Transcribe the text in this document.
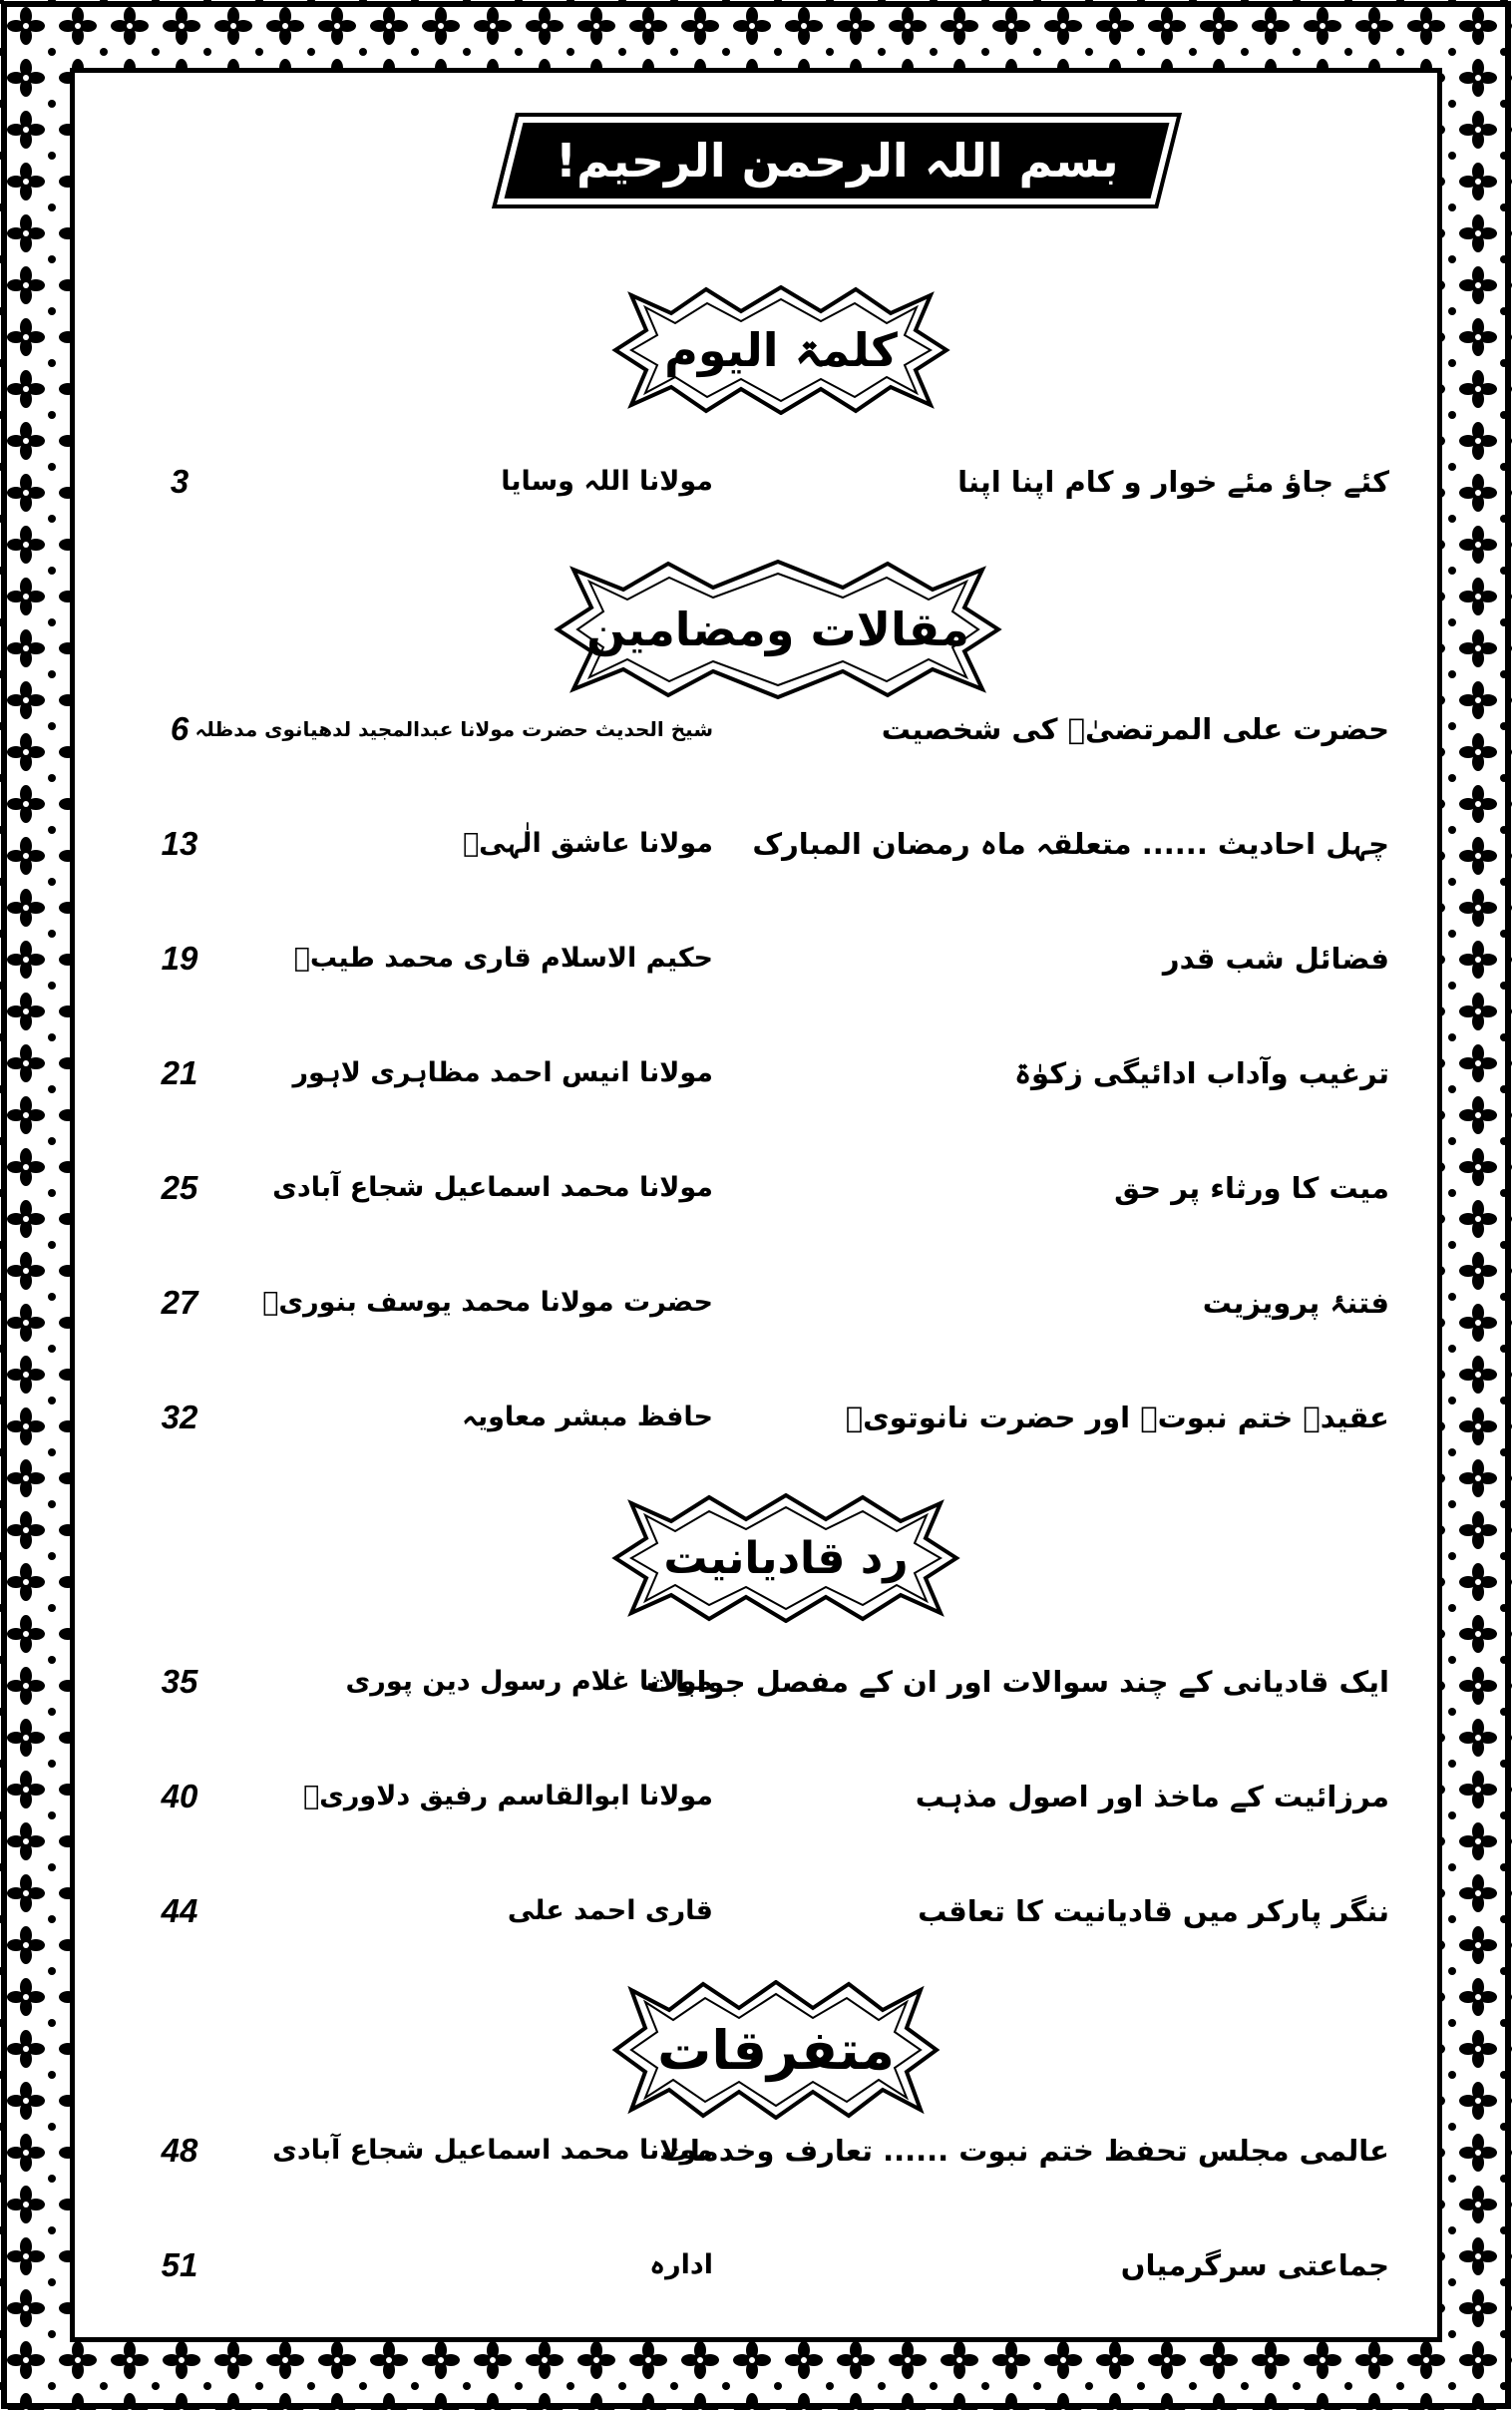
بسم اللہ الرحمن الرحیم!
کلمۃ الیوم
کئے جاؤ مئے خوار و کام اپنا اپنا
مولانا اللہ وسایا
3
مقالات ومضامین
حضرت علی المرتضیٰؓ کی شخصیت
شیخ الحدیث حضرت مولانا عبدالمجید لدھیانوی مدظلہ
6
چہل احادیث ...... متعلقہ ماہ رمضان المبارک
مولانا عاشق الٰہیؒ
13
فضائل شب قدر
حکیم الاسلام قاری محمد طیبؒ
19
ترغیب وآداب ادائیگی زکوٰۃ
مولانا انیس احمد مظاہری لاہور
21
میت کا ورثاء پر حق
مولانا محمد اسماعیل شجاع آبادی
25
فتنۂ پرویزیت
حضرت مولانا محمد یوسف بنوریؒ
27
عقیدۂ ختم نبوتؐ اور حضرت نانوتویؒ
حافظ مبشر معاویہ
32
رد قادیانیت
ایک قادیانی کے چند سوالات اور ان کے مفصل جوابات
مولانا غلام رسول دین پوری
35
مرزائیت کے ماخذ اور اصول مذہب
مولانا ابوالقاسم رفیق دلاوریؒ
40
ننگر پارکر میں قادیانیت کا تعاقب
قاری احمد علی
44
متفرقات
عالمی مجلس تحفظ ختم نبوت ...... تعارف وخدمات
مولانا محمد اسماعیل شجاع آبادی
48
جماعتی سرگرمیاں
ادارہ
51
